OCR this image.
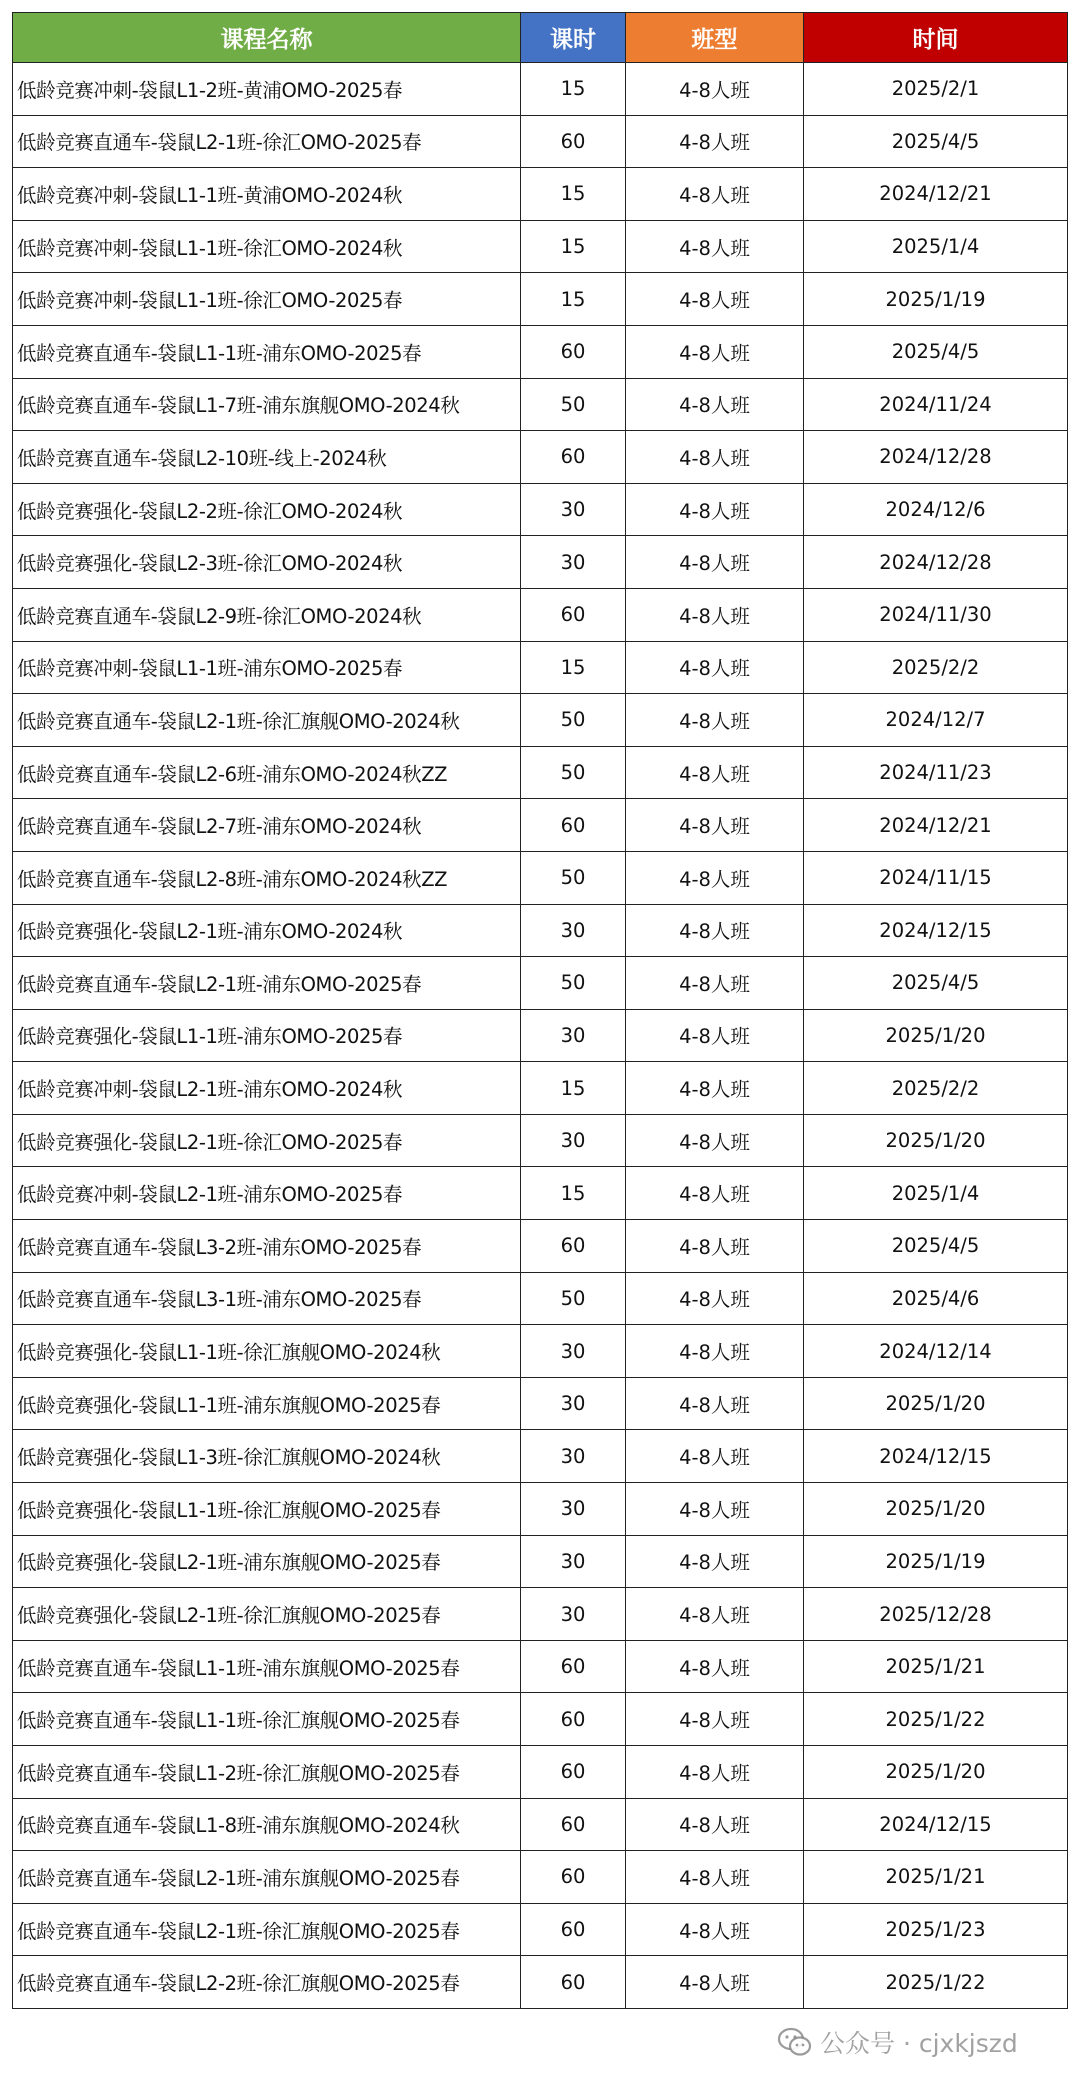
课程名称	课时	班型	时间
低龄竞赛冲刺-袋鼠L1-2班-黄浦OMO-2025春	15	4-8人班	2025/2/1
低龄竞赛直通车-袋鼠L2-1班-徐汇OMO-2025春	60	4-8人班	2025/4/5
低龄竞赛冲刺-袋鼠L1-1班-黄浦OMO-2024秋	15	4-8人班	2024/12/21
低龄竞赛冲刺-袋鼠L1-1班-徐汇OMO-2024秋	15	4-8人班	2025/1/4
低龄竞赛冲刺-袋鼠L1-1班-徐汇OMO-2025春	15	4-8人班	2025/1/19
低龄竞赛直通车-袋鼠L1-1班-浦东OMO-2025春	60	4-8人班	2025/4/5
低龄竞赛直通车-袋鼠L1-7班-浦东旗舰OMO-2024秋	50	4-8人班	2024/11/24
低龄竞赛直通车-袋鼠L2-10班-线上-2024秋	60	4-8人班	2024/12/28
低龄竞赛强化-袋鼠L2-2班-徐汇OMO-2024秋	30	4-8人班	2024/12/6
低龄竞赛强化-袋鼠L2-3班-徐汇OMO-2024秋	30	4-8人班	2024/12/28
低龄竞赛直通车-袋鼠L2-9班-徐汇OMO-2024秋	60	4-8人班	2024/11/30
低龄竞赛冲刺-袋鼠L1-1班-浦东OMO-2025春	15	4-8人班	2025/2/2
低龄竞赛直通车-袋鼠L2-1班-徐汇旗舰OMO-2024秋	50	4-8人班	2024/12/7
低龄竞赛直通车-袋鼠L2-6班-浦东OMO-2024秋ZZ	50	4-8人班	2024/11/23
低龄竞赛直通车-袋鼠L2-7班-浦东OMO-2024秋	60	4-8人班	2024/12/21
低龄竞赛直通车-袋鼠L2-8班-浦东OMO-2024秋ZZ	50	4-8人班	2024/11/15
低龄竞赛强化-袋鼠L2-1班-浦东OMO-2024秋	30	4-8人班	2024/12/15
低龄竞赛直通车-袋鼠L2-1班-浦东OMO-2025春	50	4-8人班	2025/4/5
低龄竞赛强化-袋鼠L1-1班-浦东OMO-2025春	30	4-8人班	2025/1/20
低龄竞赛冲刺-袋鼠L2-1班-浦东OMO-2024秋	15	4-8人班	2025/2/2
低龄竞赛强化-袋鼠L2-1班-徐汇OMO-2025春	30	4-8人班	2025/1/20
低龄竞赛冲刺-袋鼠L2-1班-浦东OMO-2025春	15	4-8人班	2025/1/4
低龄竞赛直通车-袋鼠L3-2班-浦东OMO-2025春	60	4-8人班	2025/4/5
低龄竞赛直通车-袋鼠L3-1班-浦东OMO-2025春	50	4-8人班	2025/4/6
低龄竞赛强化-袋鼠L1-1班-徐汇旗舰OMO-2024秋	30	4-8人班	2024/12/14
低龄竞赛强化-袋鼠L1-1班-浦东旗舰OMO-2025春	30	4-8人班	2025/1/20
低龄竞赛强化-袋鼠L1-3班-徐汇旗舰OMO-2024秋	30	4-8人班	2024/12/15
低龄竞赛强化-袋鼠L1-1班-徐汇旗舰OMO-2025春	30	4-8人班	2025/1/20
低龄竞赛强化-袋鼠L2-1班-浦东旗舰OMO-2025春	30	4-8人班	2025/1/19
低龄竞赛强化-袋鼠L2-1班-徐汇旗舰OMO-2025春	30	4-8人班	2025/12/28
低龄竞赛直通车-袋鼠L1-1班-浦东旗舰OMO-2025春	60	4-8人班	2025/1/21
低龄竞赛直通车-袋鼠L1-1班-徐汇旗舰OMO-2025春	60	4-8人班	2025/1/22
低龄竞赛直通车-袋鼠L1-2班-徐汇旗舰OMO-2025春	60	4-8人班	2025/1/20
低龄竞赛直通车-袋鼠L1-8班-浦东旗舰OMO-2024秋	60	4-8人班	2024/12/15
低龄竞赛直通车-袋鼠L2-1班-浦东旗舰OMO-2025春	60	4-8人班	2025/1/21
低龄竞赛直通车-袋鼠L2-1班-徐汇旗舰OMO-2025春	60	4-8人班	2025/1/23
低龄竞赛直通车-袋鼠L2-2班-徐汇旗舰OMO-2025春	60	4-8人班	2025/1/22
公众号 · cjxkjszd
